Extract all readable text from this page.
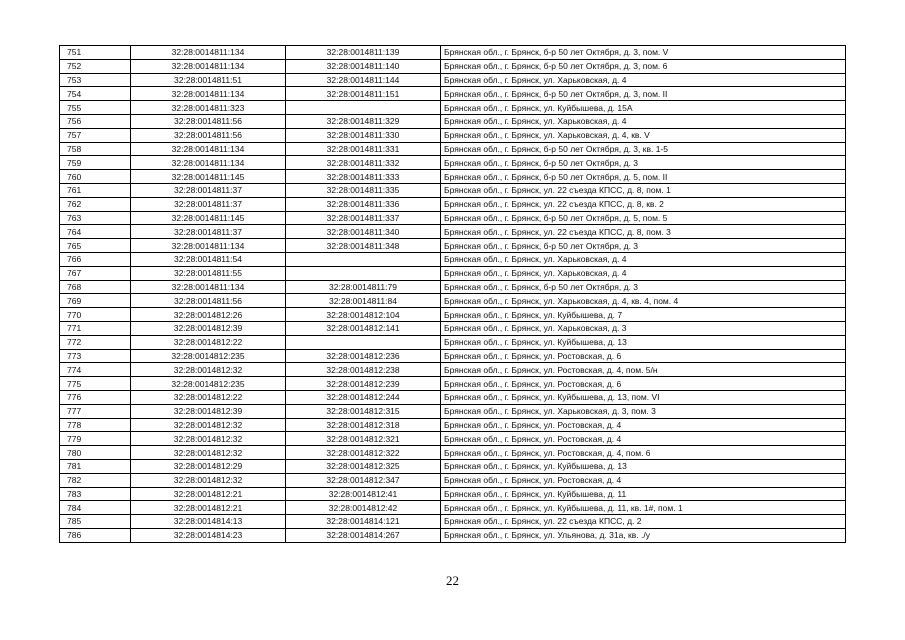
751	32:28:0014811:134	32:28:0014811:139	Брянская обл., г. Брянск, б-р 50 лет Октября, д. 3, пом. V
752	32:28:0014811:134	32:28:0014811:140	Брянская обл., г. Брянск, б-р 50 лет Октября, д. 3, пом. 6
753	32:28:0014811:51	32:28:0014811:144	Брянская обл., г. Брянск, ул. Харьковская, д. 4
754	32:28:0014811:134	32:28:0014811:151	Брянская обл., г. Брянск, б-р 50 лет Октября, д. 3, пом. II
755	32:28:0014811:323		Брянская обл., г. Брянск, ул. Куйбышева, д. 15А
756	32:28:0014811:56	32:28:0014811:329	Брянская обл., г. Брянск, ул. Харьковская, д. 4
757	32:28:0014811:56	32:28:0014811:330	Брянская обл., г. Брянск, ул. Харьковская, д. 4, кв. V
758	32:28:0014811:134	32:28:0014811:331	Брянская обл., г. Брянск, б-р 50 лет Октября, д. 3, кв. 1-5
759	32:28:0014811:134	32:28:0014811:332	Брянская обл., г. Брянск, б-р 50 лет Октября, д. 3
760	32:28:0014811:145	32:28:0014811:333	Брянская обл., г. Брянск, б-р 50 лет Октября, д. 5, пом. II
761	32:28:0014811:37	32:28:0014811:335	Брянская обл., г. Брянск, ул. 22 съезда КПСС, д. 8, пом. 1
762	32:28:0014811:37	32:28:0014811:336	Брянская обл., г. Брянск, ул. 22 съезда КПСС, д. 8, кв. 2
763	32:28:0014811:145	32:28:0014811:337	Брянская обл., г. Брянск, б-р 50 лет Октября, д. 5, пом. 5
764	32:28:0014811:37	32:28:0014811:340	Брянская обл., г. Брянск, ул. 22 съезда КПСС, д. 8, пом. 3
765	32:28:0014811:134	32:28:0014811:348	Брянская обл., г. Брянск, б-р 50 лет Октября, д. 3
766	32:28:0014811:54		Брянская обл., г. Брянск, ул. Харьковская, д. 4
767	32:28:0014811:55		Брянская обл., г. Брянск, ул. Харьковская, д. 4
768	32:28:0014811:134	32:28:0014811:79	Брянская обл., г. Брянск, б-р 50 лет Октября, д. 3
769	32:28:0014811:56	32:28:0014811:84	Брянская обл., г. Брянск, ул. Харьковская, д. 4, кв. 4, пом. 4
770	32:28:0014812:26	32:28:0014812:104	Брянская обл., г. Брянск, ул. Куйбышева, д. 7
771	32:28:0014812:39	32:28:0014812:141	Брянская обл., г. Брянск, ул. Харьковская, д. 3
772	32:28:0014812:22		Брянская обл., г. Брянск, ул. Куйбышева, д. 13
773	32:28:0014812:235	32:28:0014812:236	Брянская обл., г. Брянск, ул. Ростовская, д. 6
774	32:28:0014812:32	32:28:0014812:238	Брянская обл., г. Брянск, ул. Ростовская, д. 4, пом. 5/н
775	32:28:0014812:235	32:28:0014812:239	Брянская обл., г. Брянск, ул. Ростовская, д. 6
776	32:28:0014812:22	32:28:0014812:244	Брянская обл., г. Брянск, ул. Куйбышева, д. 13, пом. VI
777	32:28:0014812:39	32:28:0014812:315	Брянская обл., г. Брянск, ул. Харьковская, д. 3, пом. 3
778	32:28:0014812:32	32:28:0014812:318	Брянская обл., г. Брянск, ул. Ростовская, д. 4
779	32:28:0014812:32	32:28:0014812:321	Брянская обл., г. Брянск, ул. Ростовская, д. 4
780	32:28:0014812:32	32:28:0014812:322	Брянская обл., г. Брянск, ул. Ростовская, д. 4, пом. 6
781	32:28:0014812:29	32:28:0014812:325	Брянская обл., г. Брянск, ул. Куйбышева, д. 13
782	32:28:0014812:32	32:28:0014812:347	Брянская обл., г. Брянск, ул. Ростовская, д. 4
783	32:28:0014812:21	32:28:0014812:41	Брянская обл., г. Брянск, ул. Куйбышева, д. 11
784	32:28:0014812:21	32:28:0014812:42	Брянская обл., г. Брянск, ул. Куйбышева, д. 11, кв. 1#, пом. 1
785	32:28:0014814:13	32:28:0014814:121	Брянская обл., г. Брянск, ул. 22 съезда КПСС, д. 2
786	32:28:0014814:23	32:28:0014814:267	Брянская обл., г. Брянск, ул. Ульянова, д. 31а, кв. ./у
22
